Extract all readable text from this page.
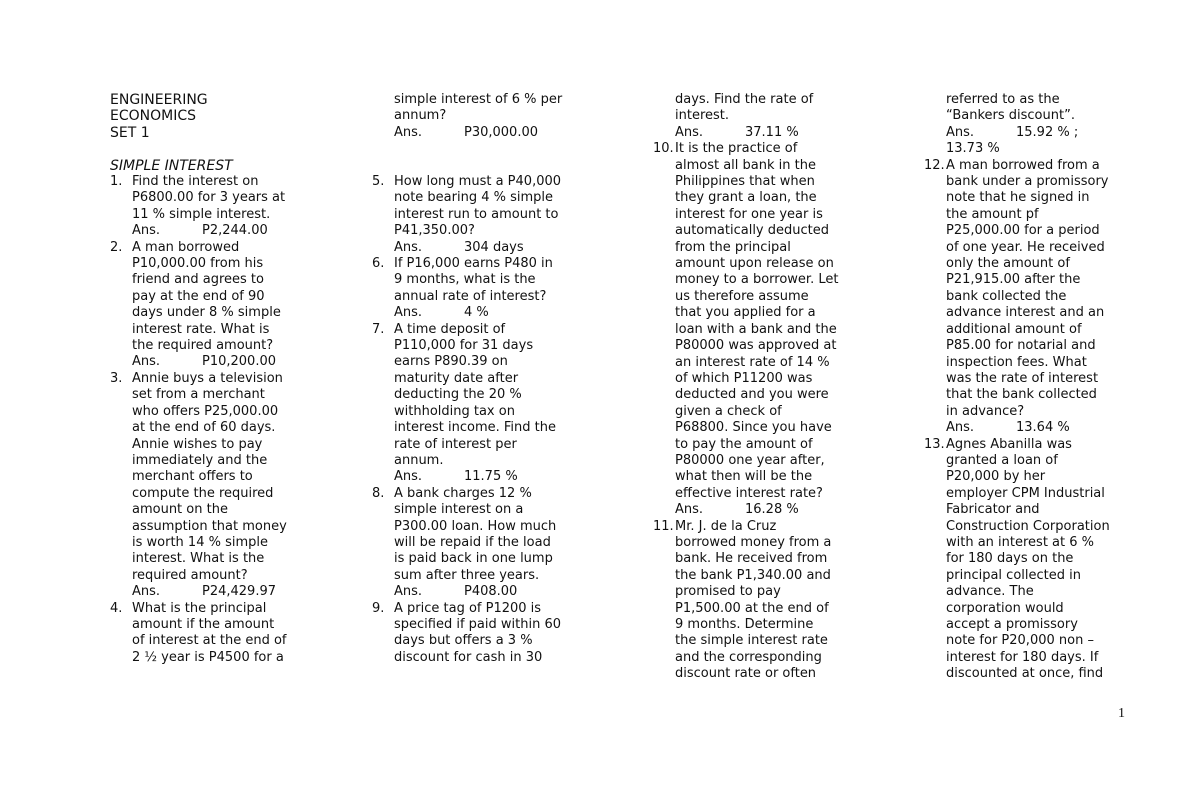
ENGINEERING
ECONOMICS
SET 1

SIMPLE INTEREST

1. Find the interest on
P6800.00 for 3 years at
11 % simple interest.
Ans.	P2,244.00
2. A man borrowed
P10,000.00 from his
friend and agrees to
pay at the end of 90
days under 8 % simple
interest rate. What is
the required amount?
Ans.	P10,200.00
3. Annie buys a television
set from a merchant
who offers P25,000.00
at the end of 60 days.
Annie wishes to pay
immediately and the
merchant offers to
compute the required
amount on the
assumption that money
is worth 14 % simple
interest. What is the
required amount?
Ans.	P24,429.97
4. What is the principal
amount if the amount
of interest at the end of
2 ½ year is P4500 for a
simple interest of 6 % per
annum?
Ans.	P30,000.00
5. How long must a P40,000
note bearing 4 % simple
interest run to amount to
P41,350.00?
Ans.	304 days
6. If P16,000 earns P480 in
9 months, what is the
annual rate of interest?
Ans.	4 %
7. A time deposit of
P110,000 for 31 days
earns P890.39 on
maturity date after
deducting the 20 %
withholding tax on
interest income. Find the
rate of interest per
annum.
Ans.	11.75 %
8. A bank charges 12 %
simple interest on a
P300.00 loan. How much
will be repaid if the load
is paid back in one lump
sum after three years.
Ans.	P408.00
9. A price tag of P1200 is
specified if paid within 60
days but offers a 3 %
discount for cash in 30
days. Find the rate of
interest.
Ans.	37.11 %
10. It is the practice of
almost all bank in the
Philippines that when
they grant a loan, the
interest for one year is
automatically deducted
from the principal
amount upon release on
money to a borrower. Let
us therefore assume
that you applied for a
loan with a bank and the
P80000 was approved at
an interest rate of 14 %
of which P11200 was
deducted and you were
given a check of
P68800. Since you have
to pay the amount of
P80000 one year after,
what then will be the
effective interest rate?
Ans.	16.28 %
11. Mr. J. de la Cruz
borrowed money from a
bank. He received from
the bank P1,340.00 and
promised to pay
P1,500.00 at the end of
9 months. Determine
the simple interest rate
and the corresponding
discount rate or often
referred to as the
“Bankers discount”.
Ans.	15.92 % ;
13.73 %
12. A man borrowed from a
bank under a promissory
note that he signed in
the amount pf
P25,000.00 for a period
of one year. He received
only the amount of
P21,915.00 after the
bank collected the
advance interest and an
additional amount of
P85.00 for notarial and
inspection fees. What
was the rate of interest
that the bank collected
in advance?
Ans.	13.64 %
13. Agnes Abanilla was
granted a loan of
P20,000 by her
employer CPM Industrial
Fabricator and
Construction Corporation
with an interest at 6 %
for 180 days on the
principal collected in
advance. The
corporation would
accept a promissory
note for P20,000 non –
interest for 180 days. If
discounted at once, find
1
